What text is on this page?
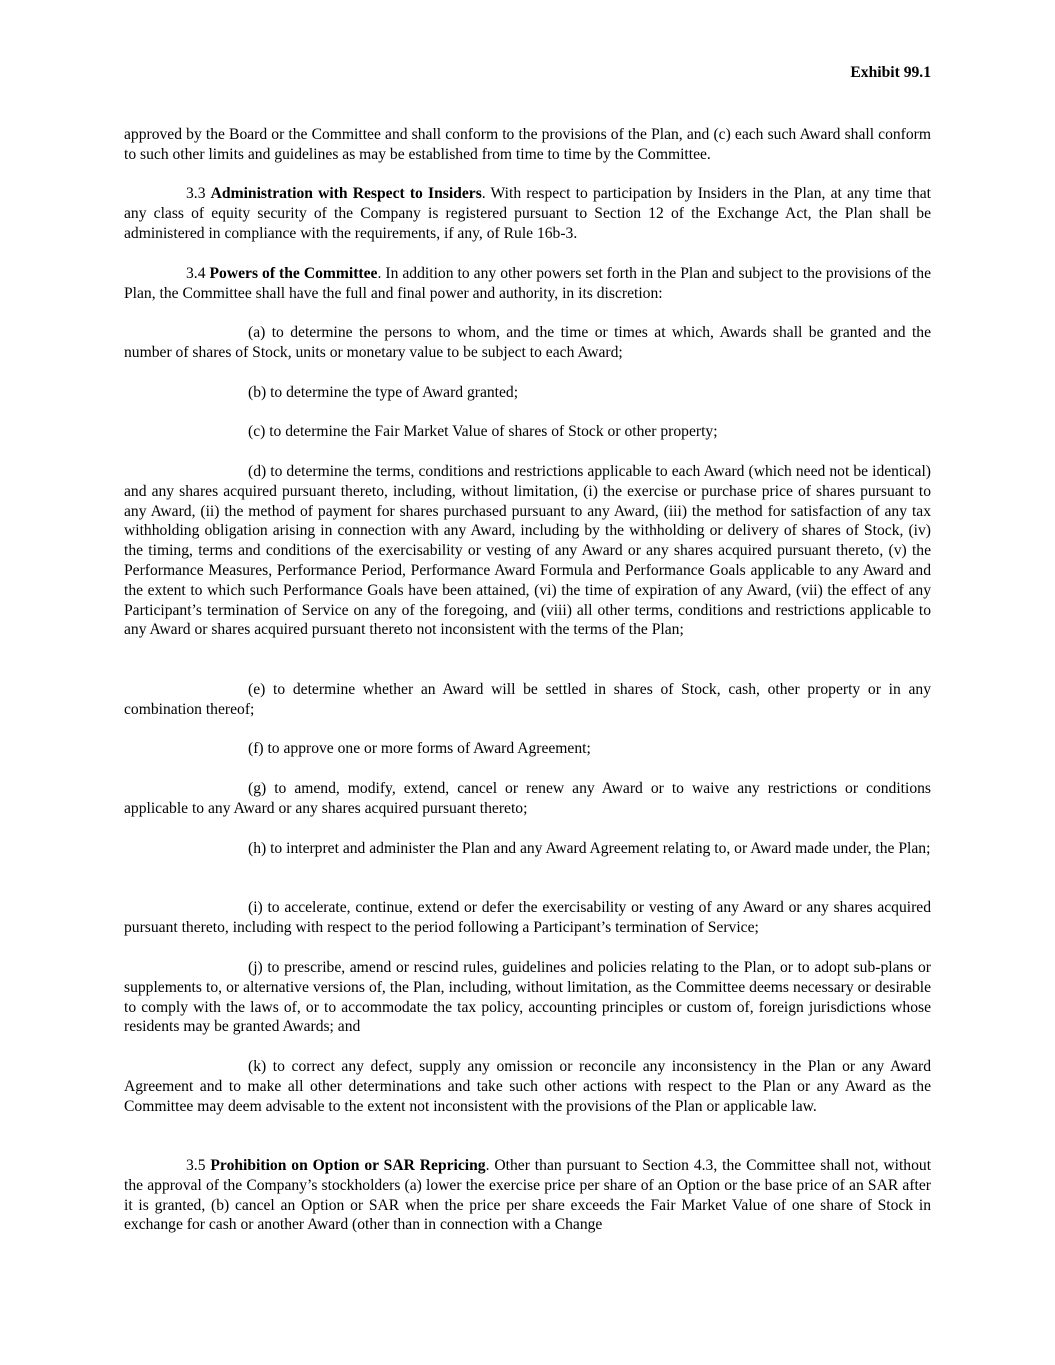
Exhibit 99.1

approved by the Board or the Committee and shall conform to the provisions of the Plan, and (c) each such Award shall conform to such other limits and guidelines as may be established from time to time by the Committee.

3.3 Administration with Respect to Insiders. With respect to participation by Insiders in the Plan, at any time that any class of equity security of the Company is registered pursuant to Section 12 of the Exchange Act, the Plan shall be administered in compliance with the requirements, if any, of Rule 16b-3.

3.4 Powers of the Committee. In addition to any other powers set forth in the Plan and subject to the provisions of the Plan, the Committee shall have the full and final power and authority, in its discretion:

(a) to determine the persons to whom, and the time or times at which, Awards shall be granted and the number of shares of Stock, units or monetary value to be subject to each Award;

(b) to determine the type of Award granted;

(c) to determine the Fair Market Value of shares of Stock or other property;

(d) to determine the terms, conditions and restrictions applicable to each Award (which need not be identical) and any shares acquired pursuant thereto, including, without limitation, (i) the exercise or purchase price of shares pursuant to any Award, (ii) the method of payment for shares purchased pursuant to any Award, (iii) the method for satisfaction of any tax withholding obligation arising in connection with any Award, including by the withholding or delivery of shares of Stock, (iv) the timing, terms and conditions of the exercisability or vesting of any Award or any shares acquired pursuant thereto, (v) the Performance Measures, Performance Period, Performance Award Formula and Performance Goals applicable to any Award and the extent to which such Performance Goals have been attained, (vi) the time of expiration of any Award, (vii) the effect of any Participant’s termination of Service on any of the foregoing, and (viii) all other terms, conditions and restrictions applicable to any Award or shares acquired pursuant thereto not inconsistent with the terms of the Plan;

(e) to determine whether an Award will be settled in shares of Stock, cash, other property or in any combination thereof;

(f) to approve one or more forms of Award Agreement;

(g) to amend, modify, extend, cancel or renew any Award or to waive any restrictions or conditions applicable to any Award or any shares acquired pursuant thereto;

(h) to interpret and administer the Plan and any Award Agreement relating to, or Award made under, the Plan;

(i) to accelerate, continue, extend or defer the exercisability or vesting of any Award or any shares acquired pursuant thereto, including with respect to the period following a Participant’s termination of Service;

(j) to prescribe, amend or rescind rules, guidelines and policies relating to the Plan, or to adopt sub-plans or supplements to, or alternative versions of, the Plan, including, without limitation, as the Committee deems necessary or desirable to comply with the laws of, or to accommodate the tax policy, accounting principles or custom of, foreign jurisdictions whose residents may be granted Awards; and

(k) to correct any defect, supply any omission or reconcile any inconsistency in the Plan or any Award Agreement and to make all other determinations and take such other actions with respect to the Plan or any Award as the Committee may deem advisable to the extent not inconsistent with the provisions of the Plan or applicable law.

3.5 Prohibition on Option or SAR Repricing. Other than pursuant to Section 4.3, the Committee shall not, without the approval of the Company’s stockholders (a) lower the exercise price per share of an Option or the base price of an SAR after it is granted, (b) cancel an Option or SAR when the price per share exceeds the Fair Market Value of one share of Stock in exchange for cash or another Award (other than in connection with a Change
